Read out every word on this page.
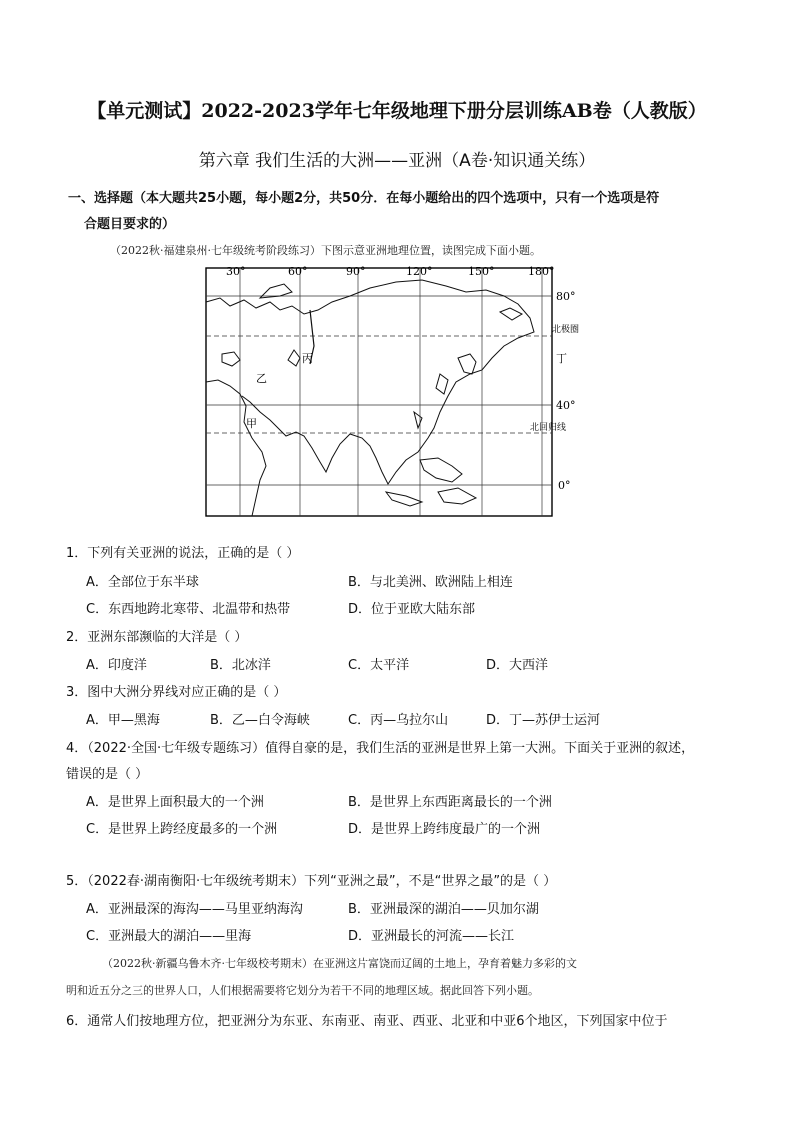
【单元测试】2022-2023学年七年级地理下册分层训练AB卷（人教版）
第六章 我们生活的大洲——亚洲（A卷·知识通关练）
一、选择题（本大题共25小题，每小题2分，共50分．在每小题给出的四个选项中，只有一个选项是符
合题目要求的）
（2022秋·福建泉州·七年级统考阶段练习）下图示意亚洲地理位置，读图完成下面小题。
30°	60°	90°	120°	150°	180°
80°
40°
0°
北极圈
北回归线
甲
乙
丙	丁
1．下列有关亚洲的说法，正确的是（ ）
A．全部位于东半球	B．与北美洲、欧洲陆上相连
C．东西地跨北寒带、北温带和热带	D．位于亚欧大陆东部
2．亚洲东部濒临的大洋是（ ）
A．印度洋	B．北冰洋	C．太平洋	D．大西洋
3．图中大洲分界线对应正确的是（ ）
A．甲—黑海	B．乙—白令海峡	C．丙—乌拉尔山	D．丁—苏伊士运河
4．（2022·全国·七年级专题练习）值得自豪的是，我们生活的亚洲是世界上第一大洲。下面关于亚洲的叙述，
错误的是（ ）
A．是世界上面积最大的一个洲	B．是世界上东西距离最长的一个洲
C．是世界上跨经度最多的一个洲	D．是世界上跨纬度最广的一个洲
5．（2022春·湖南衡阳·七年级统考期末）下列“亚洲之最”，不是“世界之最”的是（ ）
A．亚洲最深的海沟——马里亚纳海沟	B．亚洲最深的湖泊——贝加尔湖
C．亚洲最大的湖泊——里海	D．亚洲最长的河流——长江
（2022秋·新疆乌鲁木齐·七年级校考期末）在亚洲这片富饶而辽阔的土地上，孕育着魅力多彩的文
明和近五分之三的世界人口，人们根据需要将它划分为若干不同的地理区域。据此回答下列小题。
6．通常人们按地理方位，把亚洲分为东亚、东南亚、南亚、西亚、北亚和中亚6个地区，下列国家中位于
